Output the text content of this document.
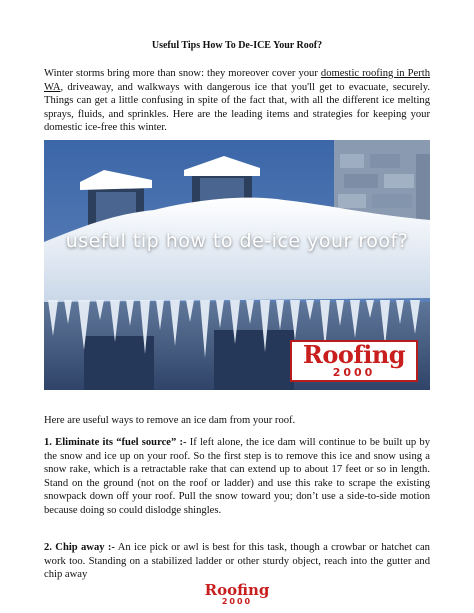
Useful Tips How To De-ICE Your Roof?

Winter storms bring more than snow: they moreover cover your domestic roofing in Perth WA, driveaway, and walkways with dangerous ice that you'll get to evacuate, securely. Things can get a little confusing in spite of the fact that, with all the different ice melting sprays, fluids, and sprinkles. Here are the leading items and strategies for keeping your domestic ice-free this winter.

useful tip how to de-ice your roof?
Roofing
2000

Here are useful ways to remove an ice dam from your roof.

1. Eliminate its “fuel source” :- If left alone, the ice dam will continue to be built up by the snow and ice up on your roof. So the first step is to remove this ice and snow using a snow rake, which is a retractable rake that can extend up to about 17 feet or so in length. Stand on the ground (not on the roof or ladder) and use this rake to scrape the existing snowpack down off your roof. Pull the snow toward you; don’t use a side-to-side motion because doing so could dislodge shingles.

2. Chip away :- An ice pick or awl is best for this task, though a crowbar or hatchet can work too. Standing on a stabilized ladder or other sturdy object, reach into the gutter and chip away

Roofing
2000
